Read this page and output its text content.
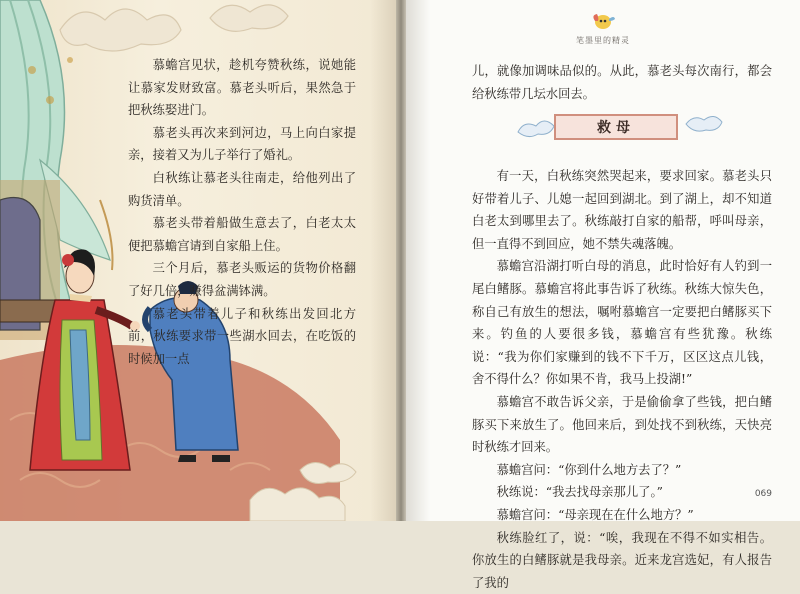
慕蟾宫见状，趁机夸赞秋练，说她能让慕家发财致富。慕老头听后，果然急于把秋练娶进门。

慕老头再次来到河边，马上向白家提亲，接着又为儿子举行了婚礼。

白秋练让慕老头往南走，给他列出了购货清单。

慕老头带着船做生意去了，白老太太便把慕蟾宫请到自家船上住。

三个月后，慕老头贩运的货物价格翻了好几倍，赚得盆满钵满。

慕老头带着儿子和秋练出发回北方前，秋练要求带一些湖水回去，在吃饭的时候加一点

笔墨里的精灵

儿，就像加调味品似的。从此，慕老头每次南行，都会给秋练带几坛水回去。

救母

有一天，白秋练突然哭起来，要求回家。慕老头只好带着儿子、儿媳一起回到湖北。到了湖上，却不知道白老太到哪里去了。秋练敲打自家的船帮，呼叫母亲，但一直得不到回应，她不禁失魂落魄。

慕蟾宫沿湖打听白母的消息，此时恰好有人钓到一尾白鳍豚。慕蟾宫将此事告诉了秋练。秋练大惊失色，称自己有放生的想法，嘱咐慕蟾宫一定要把白鳍豚买下来。钓鱼的人要很多钱，慕蟾宫有些犹豫。秋练说：“我为你们家赚到的钱不下千万，区区这点儿钱，舍不得什么？你如果不肯，我马上投湖!”

慕蟾宫不敢告诉父亲，于是偷偷拿了些钱，把白鳍豚买下来放生了。他回来后，到处找不到秋练，天快亮时秋练才回来。

慕蟾宫问：“你到什么地方去了？”

秋练说：“我去找母亲那儿了。”

慕蟾宫问：“母亲现在在什么地方？”

秋练脸红了，说：“唉，我现在不得不如实相告。你放生的白鳍豚就是我母亲。近来龙宫选妃，有人报告了我的

069
